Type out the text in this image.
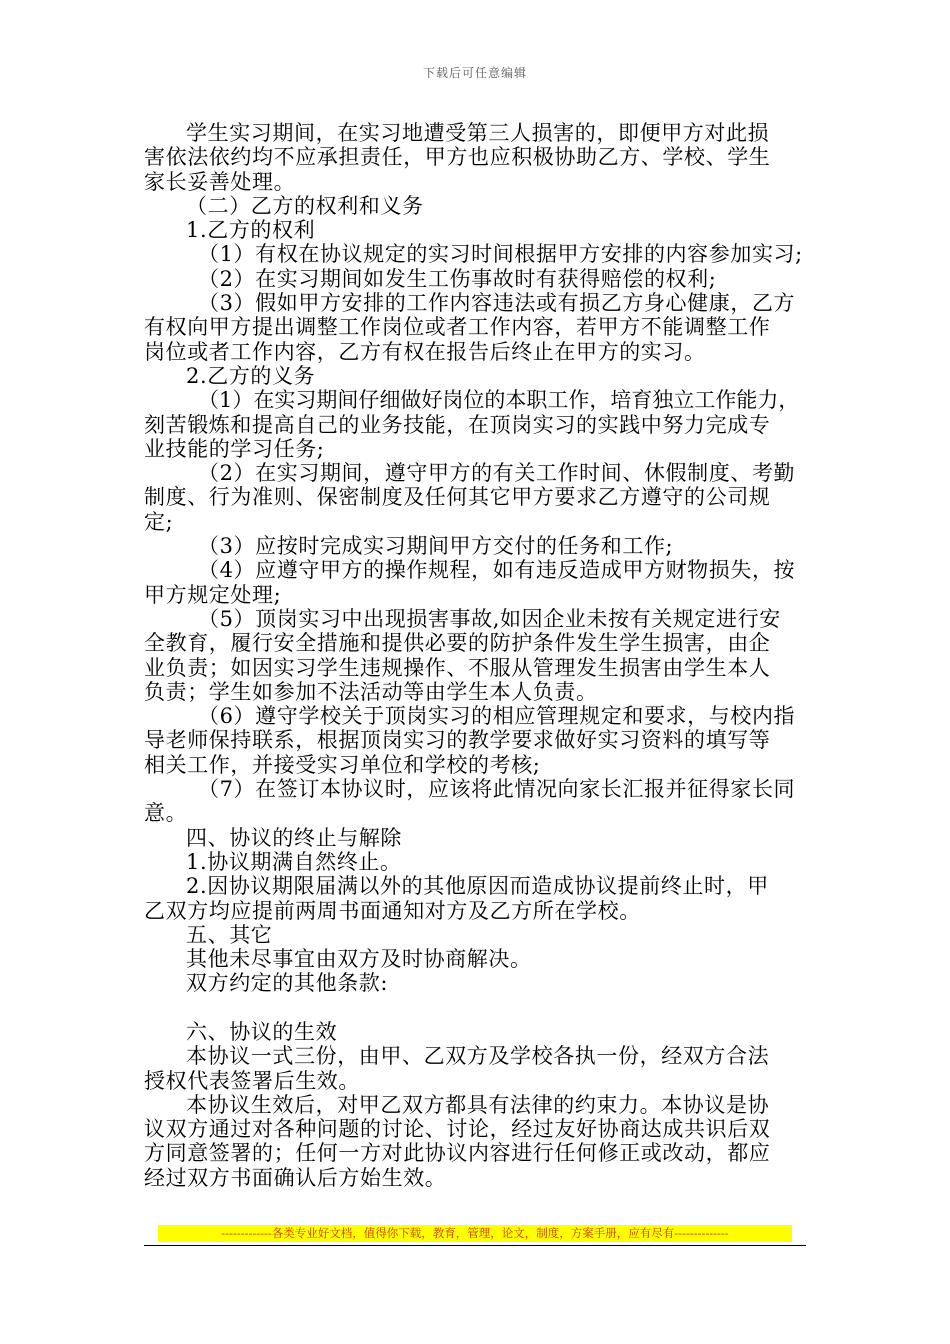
下载后可任意编辑
学生实习期间，在实习地遭受第三人损害的，即便甲方对此损
害依法依约均不应承担责任，甲方也应积极协助乙方、学校、学生
家长妥善处理。
（二）乙方的权利和义务
1.乙方的权利
（1）有权在协议规定的实习时间根据甲方安排的内容参加实习;
（2）在实习期间如发生工伤事故时有获得赔偿的权利;
（3）假如甲方安排的工作内容违法或有损乙方身心健康，乙方
有权向甲方提出调整工作岗位或者工作内容，若甲方不能调整工作
岗位或者工作内容，乙方有权在报告后终止在甲方的实习。
2.乙方的义务
（1）在实习期间仔细做好岗位的本职工作，培育独立工作能力，
刻苦锻炼和提高自己的业务技能，在顶岗实习的实践中努力完成专
业技能的学习任务;
（2）在实习期间，遵守甲方的有关工作时间、休假制度、考勤
制度、行为准则、保密制度及任何其它甲方要求乙方遵守的公司规
定;
（3）应按时完成实习期间甲方交付的任务和工作;
（4）应遵守甲方的操作规程，如有违反造成甲方财物损失，按
甲方规定处理;
（5）顶岗实习中出现损害事故,如因企业未按有关规定进行安
全教育，履行安全措施和提供必要的防护条件发生学生损害，由企
业负责；如因实习学生违规操作、不服从管理发生损害由学生本人
负责；学生如参加不法活动等由学生本人负责。
（6）遵守学校关于顶岗实习的相应管理规定和要求，与校内指
导老师保持联系，根据顶岗实习的教学要求做好实习资料的填写等
相关工作，并接受实习单位和学校的考核;
（7）在签订本协议时，应该将此情况向家长汇报并征得家长同
意。
四、协议的终止与解除
1.协议期满自然终止。
2.因协议期限届满以外的其他原因而造成协议提前终止时，甲
乙双方均应提前两周书面通知对方及乙方所在学校。
五、其它
其他未尽事宜由双方及时协商解决。
双方约定的其他条款:
六、协议的生效
本协议一式三份，由甲、乙双方及学校各执一份，经双方合法
授权代表签署后生效。
本协议生效后，对甲乙双方都具有法律的约束力。本协议是协
议双方通过对各种问题的讨论、讨论，经过友好协商达成共识后双
方同意签署的；任何一方对此协议内容进行任何修正或改动，都应
经过双方书面确认后方始生效。
-------------各类专业好文档，值得你下载，教育，管理，论文，制度，方案手册，应有尽有--------------
